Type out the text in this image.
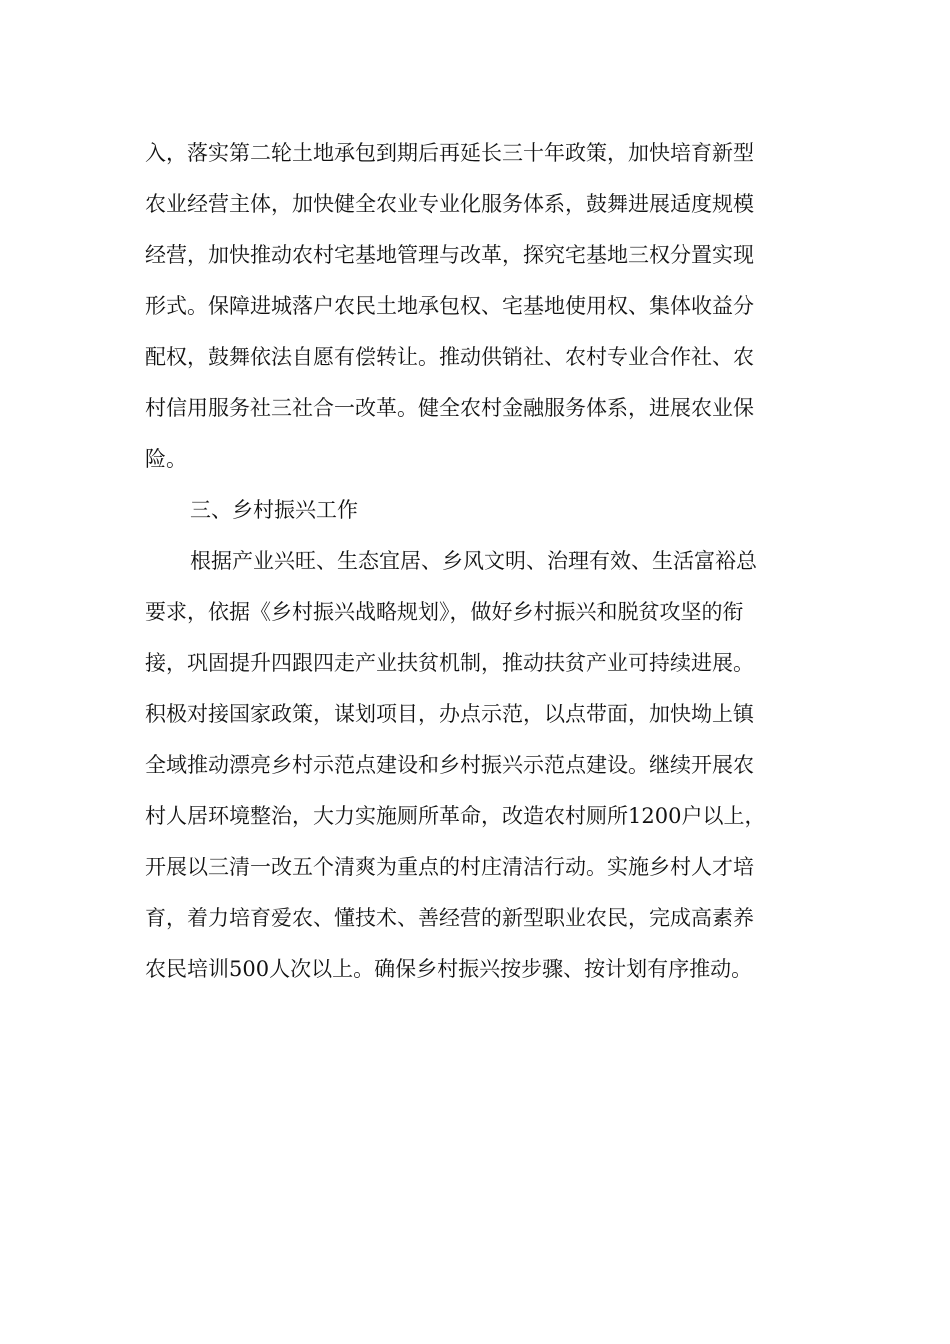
入，落实第二轮土地承包到期后再延长三十年政策，加快培育新型
农业经营主体，加快健全农业专业化服务体系，鼓舞进展适度规模
经营，加快推动农村宅基地管理与改革，探究宅基地三权分置实现
形式。保障进城落户农民土地承包权、宅基地使用权、集体收益分
配权，鼓舞依法自愿有偿转让。推动供销社、农村专业合作社、农
村信用服务社三社合一改革。健全农村金融服务体系，进展农业保
险。
三、乡村振兴工作
根据产业兴旺、生态宜居、乡风文明、治理有效、生活富裕总
要求，依据《乡村振兴战略规划》，做好乡村振兴和脱贫攻坚的衔
接，巩固提升四跟四走产业扶贫机制，推动扶贫产业可持续进展。
积极对接国家政策，谋划项目，办点示范，以点带面，加快坳上镇
全域推动漂亮乡村示范点建设和乡村振兴示范点建设。继续开展农
村人居环境整治，大力实施厕所革命，改造农村厕所1200户以上，
开展以三清一改五个清爽为重点的村庄清洁行动。实施乡村人才培
育，着力培育爱农、懂技术、善经营的新型职业农民，完成高素养
农民培训500人次以上。确保乡村振兴按步骤、按计划有序推动。
